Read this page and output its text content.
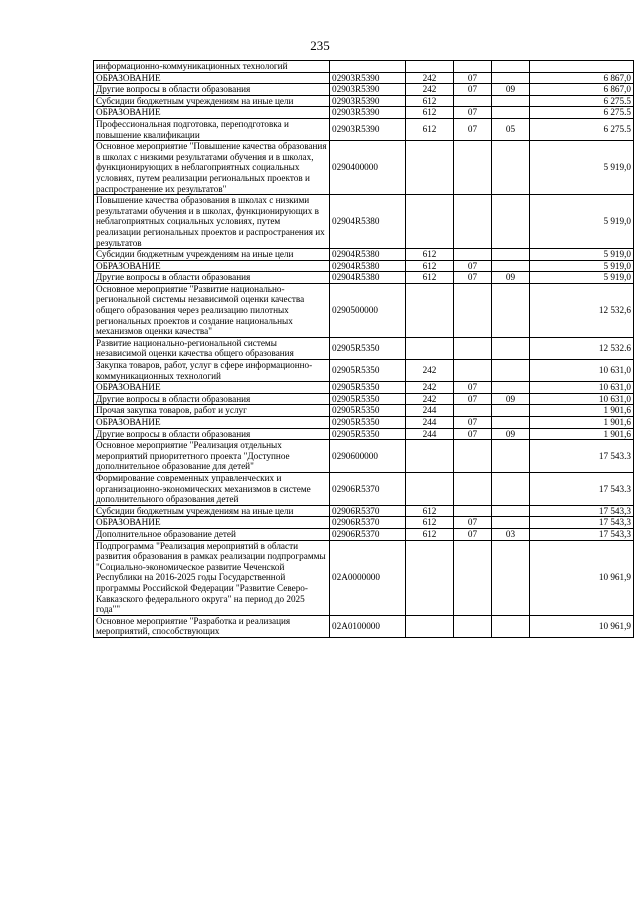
235
информационно-коммуникационных технологий					
ОБРАЗОВАНИЕ	02903R5390	242	07		6 867,0
Другие вопросы в области образования	02903R5390	242	07	09	6 867,0
Субсидии бюджетным учреждениям на иные цели	02903R5390	612			6 275.5
ОБРАЗОВАНИЕ	02903R5390	612	07		6 275.5
Профессиональная подготовка, переподготовка и повышение квалификации	02903R5390	612	07	05	6 275.5
Основное мероприятие "Повышение качества образования в школах с низкими результатами обучения и в школах, функционирующих в неблагоприятных социальных условиях, путем реализации региональных проектов и распространение их результатов"	0290400000				5 919,0
Повышение качества образования в школах с низкими результатами обучения и в школах, функционирующих в неблагоприятных социальных условиях, путем реализации региональных проектов и распространения их результатов	02904R5380				5 919,0
Субсидии бюджетным учреждениям на иные цели	02904R5380	612			5 919,0
ОБРАЗОВАНИЕ	02904R5380	612	07		5 919,0
Другие вопросы в области образования	02904R5380	612	07	09	5 919,0
Основное мероприятие "Развитие национально-региональной системы независимой оценки качества общего образования через реализацию пилотных региональных проектов и создание национальных механизмов оценки качества"	0290500000				12 532,6
Развитие национально-региональной системы независимой оценки качества общего образования	02905R5350				12 532.6
Закупка товаров, работ, услуг в сфере информационно-коммуникационных технологий	02905R5350	242			10 631,0
ОБРАЗОВАНИЕ	02905R5350	242	07		10 631,0
Другие вопросы в области образования	02905R5350	242	07	09	10 631,0
Прочая закупка товаров, работ и услуг	02905R5350	244			1 901,6
ОБРАЗОВАНИЕ	02905R5350	244	07		1 901,6
Другие вопросы в области образования	02905R5350	244	07	09	1 901,6
Основное мероприятие "Реализация отдельных мероприятий приоритетного проекта "Доступное дополнительное образование для детей"	0290600000				17 543.3
Формирование современных управленческих и организационно-экономических механизмов в системе дополнительного образования детей	02906R5370				17 543.3
Субсидии бюджетным учреждениям на иные цели	02906R5370	612			17 543,3
ОБРАЗОВАНИЕ	02906R5370	612	07		17 543,3
Дополнительное образование детей	02906R5370	612	07	03	17 543,3
Подпрограмма "Реализация мероприятий в области развития образования в рамках реализации подпрограммы "Социально-экономическое развитие Чеченской Республики на 2016-2025 годы Государственной программы Российской Федерации "Развитие Северо-Кавказского федерального округа" на период до 2025 года""	02A0000000				10 961,9
Основное мероприятие "Разработка и реализация мероприятий, способствующих	02A0100000				10 961,9
